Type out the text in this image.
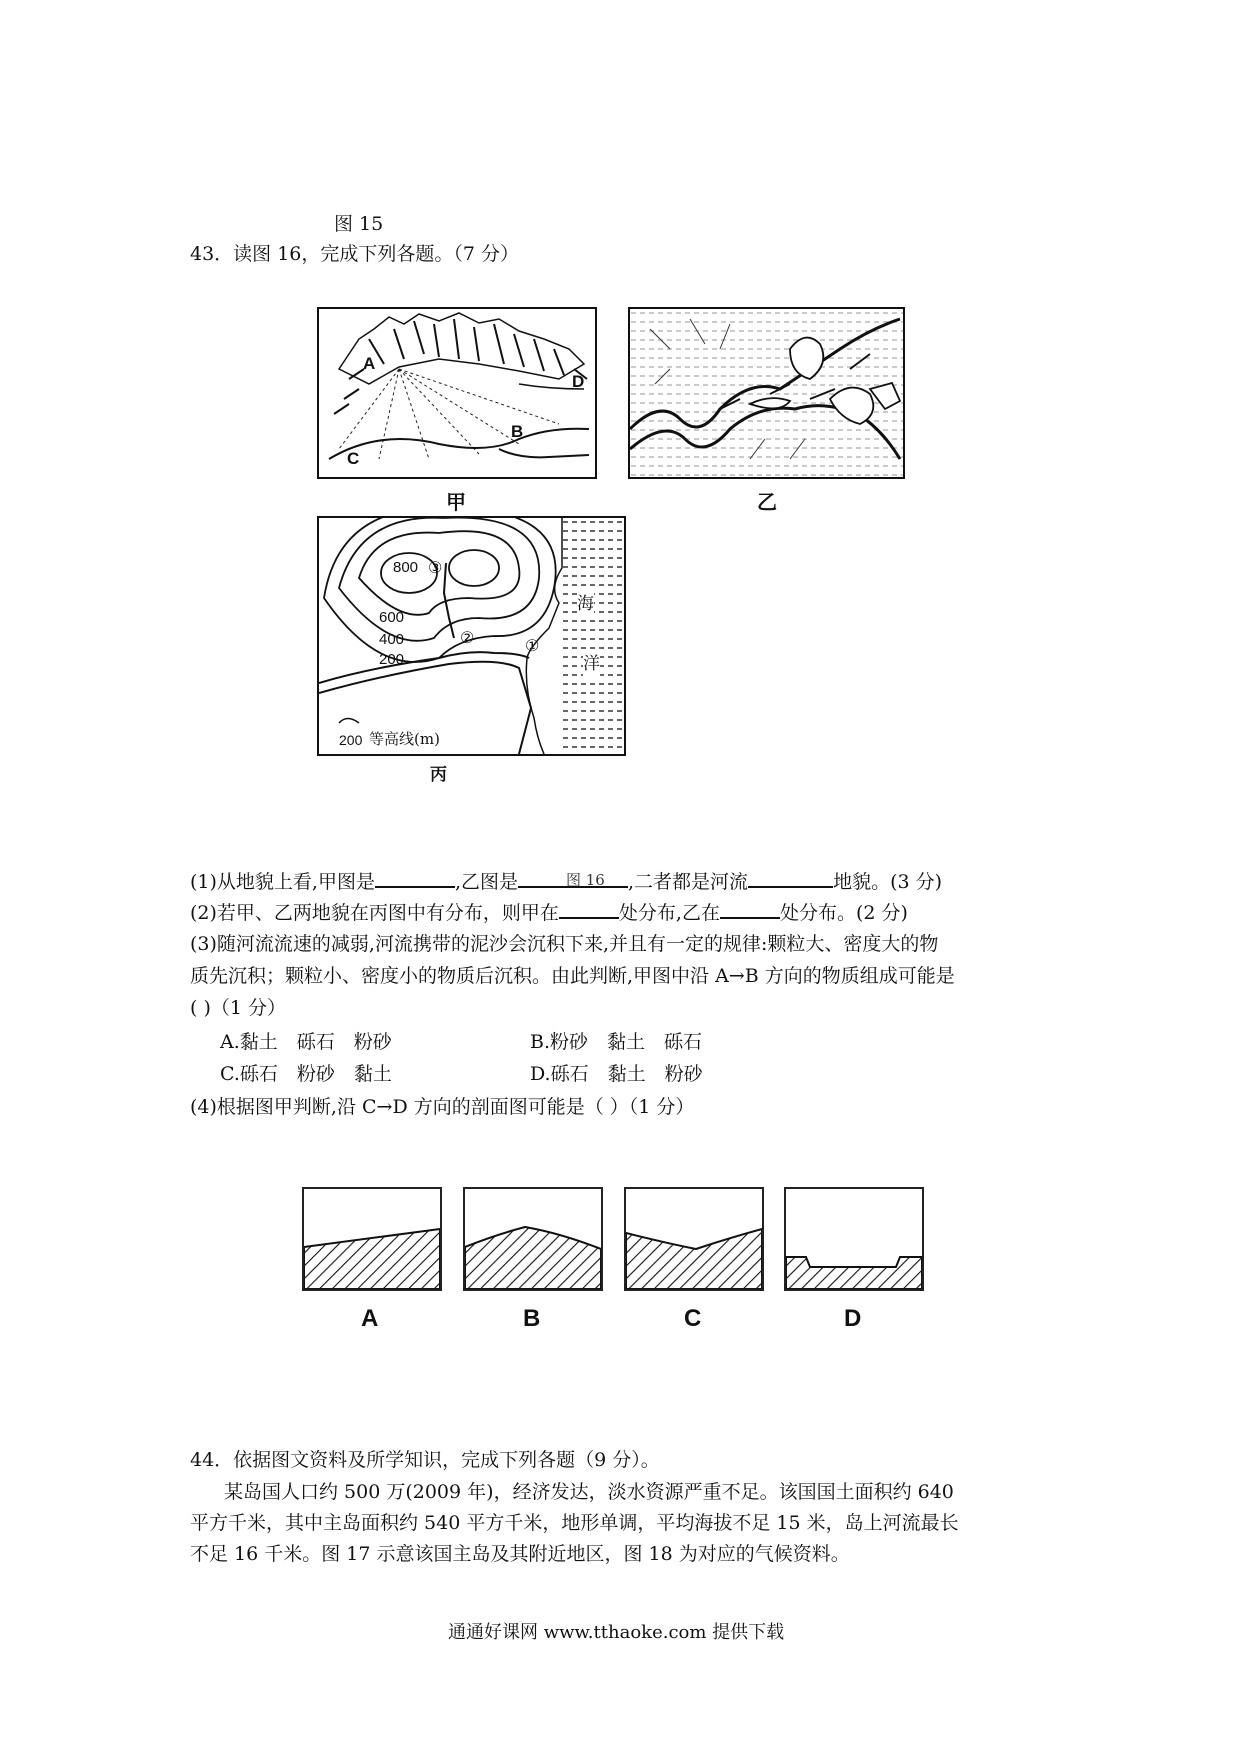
图 15
43．读图 16，完成下列各题。（7 分）
A
D
B
C
甲	乙
800 ③
600
400	②
200
①
海
洋
200 等高线(m)
丙
(1)从地貌上看,甲图是	,乙图是	,二者都是河流	地貌。(3 分)
图 16
(2)若甲、乙两地貌在丙图中有分布，则甲在	处分布,乙在	处分布。(2 分)
(3)随河流流速的减弱,河流携带的泥沙会沉积下来,并且有一定的规律:颗粒大、密度大的物
质先沉积；颗粒小、密度小的物质后沉积。由此判断,甲图中沿 A→B 方向的物质组成可能是
( )（1 分）
A.黏土　砾石　粉砂	B.粉砂　黏土　砾石
C.砾石　粉砂　黏土	D.砾石　黏土　粉砂
(4)根据图甲判断,沿 C→D 方向的剖面图可能是（ ）（1 分）
A	B	C	D
44．依据图文资料及所学知识，完成下列各题（9 分）。
某岛国人口约 500 万(2009 年)，经济发达，淡水资源严重不足。该国国土面积约 640
平方千米，其中主岛面积约 540 平方千米，地形单调，平均海拔不足 15 米，岛上河流最长
不足 16 千米。图 17 示意该国主岛及其附近地区，图 18 为对应的气候资料。
通通好课网 www.tthaoke.com 提供下载
